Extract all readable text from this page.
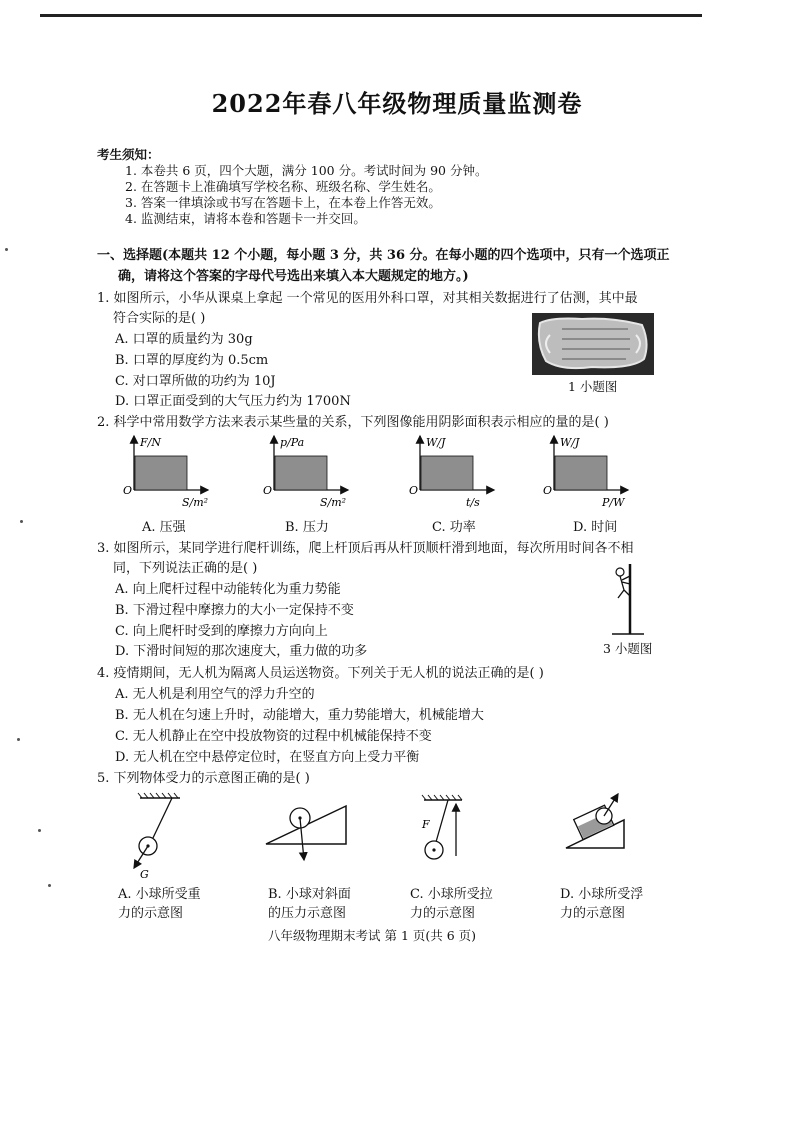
2022年春八年级物理质量监测卷
考生须知：
1. 本卷共 6 页，四个大题，满分 100 分。考试时间为 90 分钟。
2. 在答题卡上准确填写学校名称、班级名称、学生姓名。
3. 答案一律填涂或书写在答题卡上，在本卷上作答无效。
4. 监测结束，请将本卷和答题卡一并交回。
一、选择题(本题共 12 个小题，每小题 3 分，共 36 分。在每小题的四个选项中，只有一个选项正
确，请将这个答案的字母代号选出来填入本大题规定的地方。)
1. 如图所示，小华从课桌上拿起 一个常见的医用外科口罩，对其相关数据进行了估测，其中最
符合实际的是( )
A. 口罩的质量约为 30g
B. 口罩的厚度约为 0.5cm
C. 对口罩所做的功约为 10J
D. 口罩正面受到的大气压力约为 1700N
1 小题图
2. 科学中常用数学方法来表示某些量的关系，下列图像能用阴影面积表示相应的量的是( )
F/N
O
S/m²
p/Pa
O
S/m²
W/J
O
t/s
W/J
O
P/W
A. 压强	B. 压力	C. 功率	D. 时间
3. 如图所示，某同学进行爬杆训练，爬上杆顶后再从杆顶顺杆滑到地面，每次所用时间各不相
同，下列说法正确的是( )
A. 向上爬杆过程中动能转化为重力势能
B. 下滑过程中摩擦力的大小一定保持不变
C. 向上爬杆时受到的摩擦力方向向上
D. 下滑时间短的那次速度大，重力做的功多	3 小题图
4. 疫情期间，无人机为隔离人员运送物资。下列关于无人机的说法正确的是( )
A. 无人机是利用空气的浮力升空的
B. 无人机在匀速上升时，动能增大，重力势能增大，机械能增大
C. 无人机静止在空中投放物资的过程中机械能保持不变
D. 无人机在空中悬停定位时，在竖直方向上受力平衡
5. 下列物体受力的示意图正确的是( )
G
F
A. 小球所受重
力的示意图
B. 小球对斜面
的压力示意图
C. 小球所受拉
力的示意图
D. 小球所受浮
力的示意图
八年级物理期末考试 第 1 页(共 6 页)
